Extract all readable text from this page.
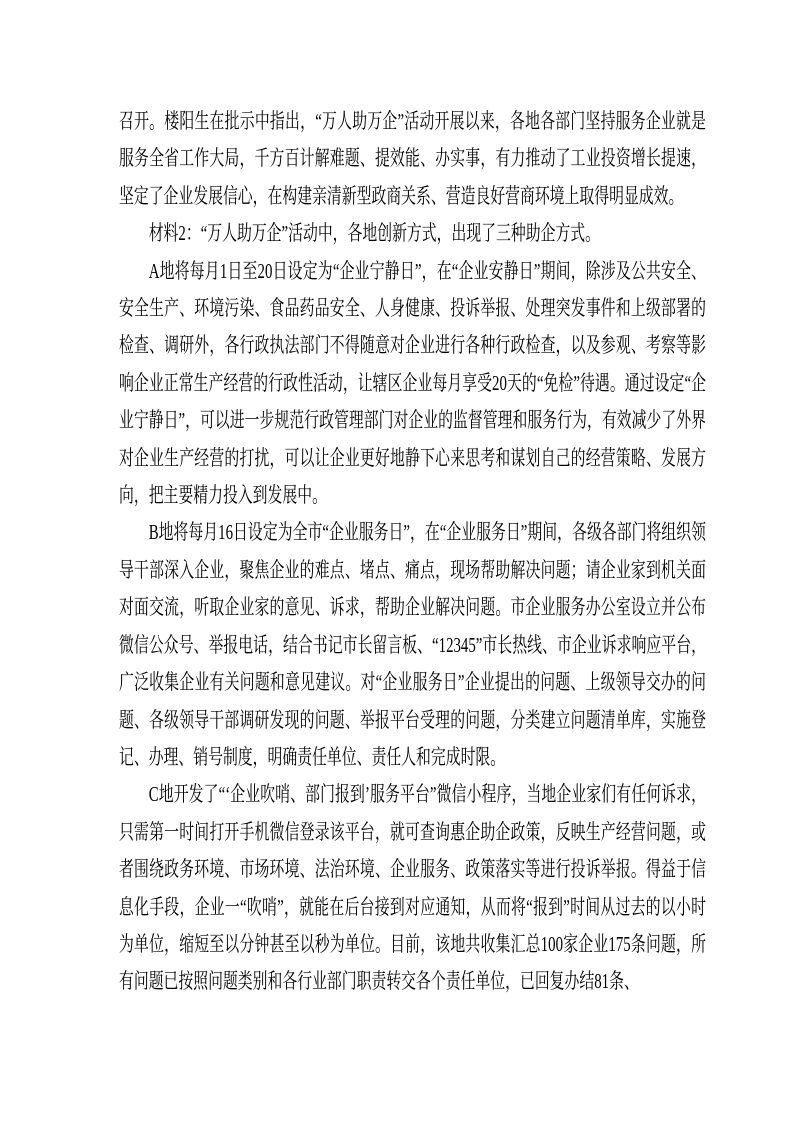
召开。楼阳生在批示中指出，“万人助万企”活动开展以来，各地各部门坚持服务企业就是服务全省工作大局，千方百计解难题、提效能、办实事，有力推动了工业投资增长提速，坚定了企业发展信心，在构建亲清新型政商关系、营造良好营商环境上取得明显成效。

材料2：“万人助万企”活动中，各地创新方式，出现了三种助企方式。

A地将每月1日至20日设定为“企业宁静日”，在“企业安静日”期间，除涉及公共安全、安全生产、环境污染、食品药品安全、人身健康、投诉举报、处理突发事件和上级部署的检查、调研外，各行政执法部门不得随意对企业进行各种行政检查，以及参观、考察等影响企业正常生产经营的行政性活动，让辖区企业每月享受20天的“免检”待遇。通过设定“企业宁静日”，可以进一步规范行政管理部门对企业的监督管理和服务行为，有效减少了外界对企业生产经营的打扰，可以让企业更好地静下心来思考和谋划自己的经营策略、发展方向，把主要精力投入到发展中。

B地将每月16日设定为全市“企业服务日”，在“企业服务日”期间，各级各部门将组织领导干部深入企业，聚焦企业的难点、堵点、痛点，现场帮助解决问题；请企业家到机关面对面交流，听取企业家的意见、诉求，帮助企业解决问题。市企业服务办公室设立并公布微信公众号、举报电话，结合书记市长留言板、“12345”市长热线、市企业诉求响应平台，广泛收集企业有关问题和意见建议。对“企业服务日”企业提出的问题、上级领导交办的问题、各级领导干部调研发现的问题、举报平台受理的问题，分类建立问题清单库，实施登记、办理、销号制度，明确责任单位、责任人和完成时限。

C地开发了“‘企业吹哨、部门报到’服务平台”微信小程序，当地企业家们有任何诉求，只需第一时间打开手机微信登录该平台，就可查询惠企助企政策，反映生产经营问题，或者围绕政务环境、市场环境、法治环境、企业服务、政策落实等进行投诉举报。得益于信息化手段，企业一“吹哨”，就能在后台接到对应通知，从而将“报到”时间从过去的以小时为单位，缩短至以分钟甚至以秒为单位。目前，该地共收集汇总100家企业175条问题，所有问题已按照问题类别和各行业部门职责转交各个责任单位，已回复办结81条、
